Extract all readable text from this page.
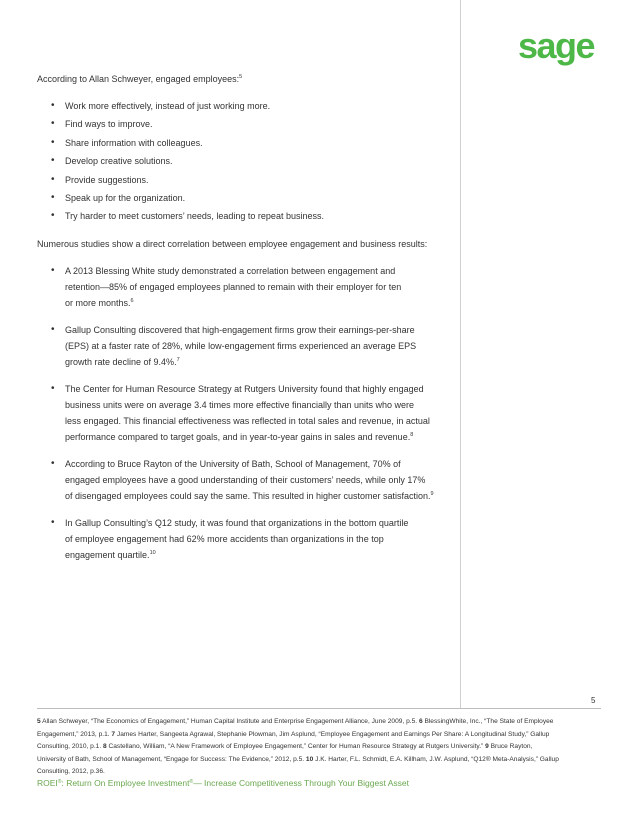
sage

According to Allan Schweyer, engaged employees:$^5$

• Work more effectively, instead of just working more.
• Find ways to improve.
• Share information with colleagues.
• Develop creative solutions.
• Provide suggestions.
• Speak up for the organization.
• Try harder to meet customers’ needs, leading to repeat business.

Numerous studies show a direct correlation between employee engagement and business results:

• A 2013 Blessing White study demonstrated a correlation between engagement and
retention—85% of engaged employees planned to remain with their employer for ten
or more months.$^6$
• Gallup Consulting discovered that high-engagement firms grow their earnings-per-share
(EPS) at a faster rate of 28%, while low-engagement firms experienced an average EPS
growth rate decline of 9.4%.$^7$
• The Center for Human Resource Strategy at Rutgers University found that highly engaged
business units were on average 3.4 times more effective financially than units who were
less engaged. This financial effectiveness was reflected in total sales and revenue, in actual
performance compared to target goals, and in year-to-year gains in sales and revenue.$^8$
• According to Bruce Rayton of the University of Bath, School of Management, 70% of
engaged employees have a good understanding of their customers’ needs, while only 17%
of disengaged employees could say the same. This resulted in higher customer satisfaction.$^9$
• In Gallup Consulting’s Q12 study, it was found that organizations in the bottom quartile
of employee engagement had 62% more accidents than organizations in the top
engagement quartile.$^{10}$
5
5 Allan Schweyer, “The Economics of Engagement,” Human Capital Institute and Enterprise Engagement Alliance, June 2009, p.5. 6 BlessingWhite, Inc., “The State of Employee
Engagement,” 2013, p.1. 7 James Harter, Sangeeta Agrawal, Stephanie Plowman, Jim Asplund, “Employee Engagement and Earnings Per Share: A Longitudinal Study,” Gallup
Consulting, 2010, p.1. 8 Castellano, William, “A New Framework of Employee Engagement,” Center for Human Resource Strategy at Rutgers University.” 9 Bruce Rayton,
University of Bath, School of Management, “Engage for Success: The Evidence,” 2012, p.5. 10 J.K. Harter, F.L. Schmidt, E.A. Killham, J.W. Asplund, “Q12® Meta-Analysis,” Gallup
Consulting, 2012, p.36.
ROEI®: Return On Employee Investment®— Increase Competitiveness Through Your Biggest Asset
